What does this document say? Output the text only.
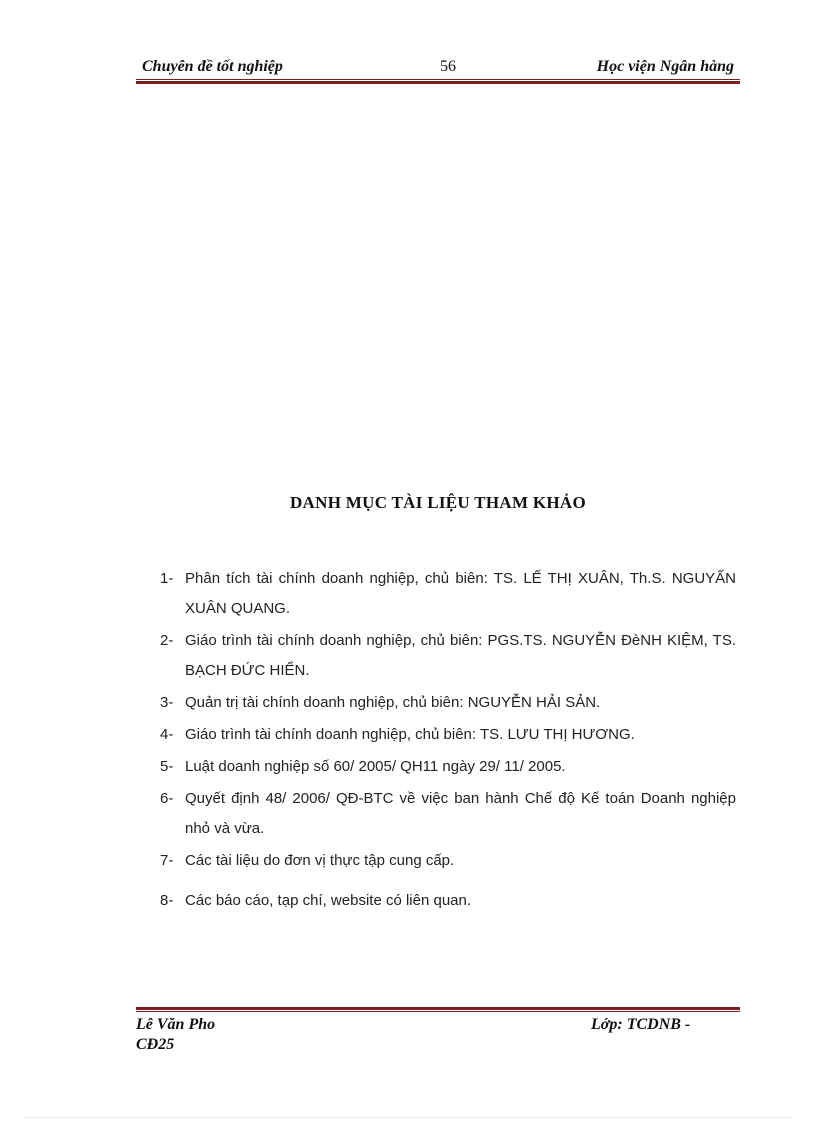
Chuyên đề tốt nghiệp	56	Học viện Ngân hàng
DANH MỤC TÀI LIỆU THAM KHẢO
1- Phân tích tài chính doanh nghiệp, chủ biên: TS. LẾ THỊ XUÂN, Th.S. NGUYẤN XUÂN QUANG.
2- Giáo trình tài chính doanh nghiệp, chủ biên: PGS.TS. NGUYỄN ĐèNH KIỆM, TS. BẠCH ĐỨC HIỂN.
3- Quản trị tài chính doanh nghiệp, chủ biên: NGUYỄN HẢI SẢN.
4- Giáo trình tài chính doanh nghiệp, chủ biên: TS. LƯU THỊ HƯƠNG.
5- Luật doanh nghiệp số 60/ 2005/ QH11 ngày 29/ 11/ 2005.
6- Quyết định 48/ 2006/ QĐ-BTC về việc ban hành Chế độ Kế toán Doanh nghiệp nhỏ và vừa.
7- Các tài liệu do đơn vị thực tập cung cấp.
8- Các báo cáo, tạp chí, website có liên quan.
Lê Văn Pho
CĐ25
Lớp: TCDNB -
